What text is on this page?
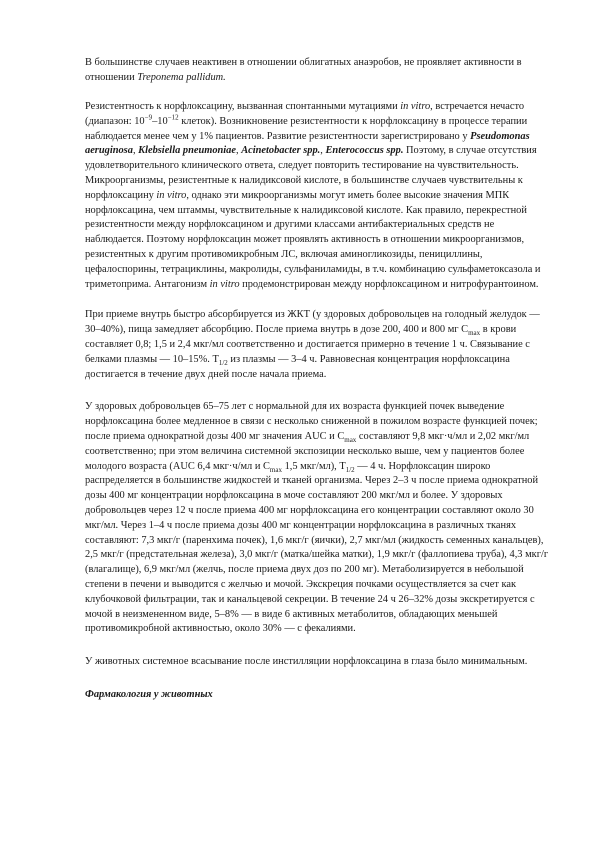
В большинстве случаев неактивен в отношении облигатных анаэробов, не проявляет активности в отношении Treponema pallidum.

Резистентность к норфлоксацину, вызванная спонтанными мутациями in vitro, встречается нечасто (диапазон: $10^{-9}-10^{-12}$ клеток). Возникновение резистентности к норфлоксацину в процессе терапии наблюдается менее чем у 1% пациентов. Развитие резистентности зарегистрировано у Pseudomonas aeruginosa, Klebsiella pneumoniae, Acinetobacter spp., Enterococcus spp. Поэтому, в случае отсутствия удовлетворительного клинического ответа, следует повторить тестирование на чувствительность. Микроорганизмы, резистентные к налидиксовой кислоте, в большинстве случаев чувствительны к норфлоксацину in vitro, однако эти микроорганизмы могут иметь более высокие значения МПК норфлоксацина, чем штаммы, чувствительные к налидиксовой кислоте. Как правило, перекрестной резистентности между норфлоксацином и другими классами антибактериальных средств не наблюдается. Поэтому норфлоксацин может проявлять активность в отношении микроорганизмов, резистентных к другим противомикробным ЛС, включая аминогликозиды, пенициллины, цефалоспорины, тетрациклины, макролиды, сульфаниламиды, в т.ч. комбинацию сульфаметоксазола и триметоприма. Антагонизм in vitro продемонстрирован между норфлоксацином и нитрофурантоином.

При приеме внутрь быстро абсорбируется из ЖКТ (у здоровых добровольцев на голодный желудок — 30–40%), пища замедляет абсорбцию. После приема внутрь в дозе 200, 400 и 800 мг $C_{max}$ в крови составляет 0,8; 1,5 и 2,4 мкг/мл соответственно и достигается примерно в течение 1 ч. Связывание с белками плазмы — 10–15%. $T_{1/2}$ из плазмы — 3–4 ч. Равновесная концентрация норфлоксацина достигается в течение двух дней после начала приема.

У здоровых добровольцев 65–75 лет с нормальной для их возраста функцией почек выведение норфлоксацина более медленное в связи с несколько сниженной в пожилом возрасте функцией почек; после приема однократной дозы 400 мг значения AUC и $C_{max}$ составляют 9,8 мкг·ч/мл и 2,02 мкг/мл соответственно; при этом величина системной экспозиции несколько выше, чем у пациентов более молодого возраста (AUC 6,4 мкг·ч/мл и $C_{max}$ 1,5 мкг/мл), $T_{1/2}$ — 4 ч. Норфлоксацин широко распределяется в большинстве жидкостей и тканей организма. Через 2–3 ч после приема однократной дозы 400 мг концентрации норфлоксацина в моче составляют 200 мкг/мл и более. У здоровых добровольцев через 12 ч после приема 400 мг норфлоксацина его концентрации составляют около 30 мкг/мл. Через 1–4 ч после приема дозы 400 мг концентрации норфлоксацина в различных тканях составляют: 7,3 мкг/г (паренхима почек), 1,6 мкг/г (яички), 2,7 мкг/мл (жидкость семенных канальцев), 2,5 мкг/г (предстательная железа), 3,0 мкг/г (матка/шейка матки), 1,9 мкг/г (фаллопиева труба), 4,3 мкг/г (влагалище), 6,9 мкг/мл (желчь, после приема двух доз по 200 мг). Метаболизируется в небольшой степени в печени и выводится с желчью и мочой. Экскреция почками осуществляется за счет как клубочковой фильтрации, так и канальцевой секреции. В течение 24 ч 26–32% дозы экскретируется с мочой в неизмененном виде, 5–8% — в виде 6 активных метаболитов, обладающих меньшей противомикробной активностью, около 30% — с фекалиями.

У животных системное всасывание после инстилляции норфлоксацина в глаза было минимальным.

Фармакология у животных
